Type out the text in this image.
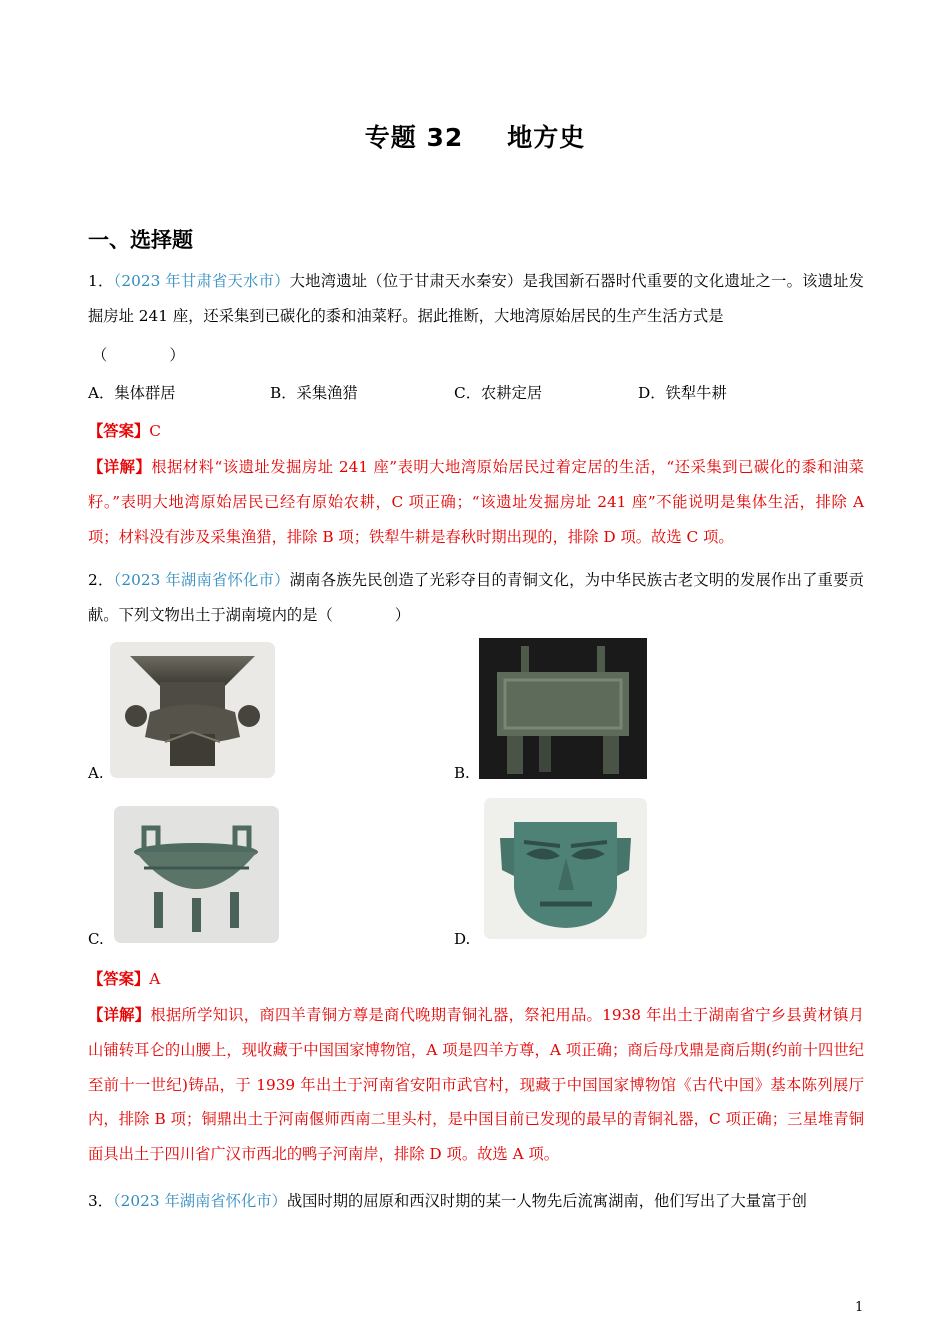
专题 32 地方史
一、选择题
1．（2023 年甘肃省天水市）大地湾遗址（位于甘肃天水秦安）是我国新石器时代重要的文化遗址之一。该遗址发掘房址 241 座，还采集到已碳化的黍和油菜籽。据此推断，大地湾原始居民的生产生活方式是
（	）
A．集体群居	B．采集渔猎	C．农耕定居	D．铁犁牛耕
【答案】C
【详解】根据材料“该遗址发掘房址 241 座”表明大地湾原始居民过着定居的生活，“还采集到已碳化的黍和油菜籽。”表明大地湾原始居民已经有原始农耕，C 项正确；“该遗址发掘房址 241 座”不能说明是集体生活，排除 A 项；材料没有涉及采集渔猎，排除 B 项；铁犁牛耕是春秋时期出现的，排除 D 项。故选 C 项。
2．（2023 年湖南省怀化市）湖南各族先民创造了光彩夺目的青铜文化，为中华民族古老文明的发展作出了重要贡献。下列文物出土于湖南境内的是（	）
A.	B.
C.	D.
【答案】A
【详解】根据所学知识，商四羊青铜方尊是商代晚期青铜礼器，祭祀用品。1938 年出土于湖南省宁乡县黄材镇月山铺转耳仑的山腰上，现收藏于中国国家博物馆，A 项是四羊方尊，A 项正确；商后母戊鼎是商后期(约前十四世纪至前十一世纪)铸品，于 1939 年出土于河南省安阳市武官村，现藏于中国国家博物馆《古代中国》基本陈列展厅内，排除 B 项；铜鼎出土于河南偃师西南二里头村，是中国目前已发现的最早的青铜礼器，C 项正确；三星堆青铜面具出土于四川省广汉市西北的鸭子河南岸，排除 D 项。故选 A 项。
3．（2023 年湖南省怀化市）战国时期的屈原和西汉时期的某一人物先后流寓湖南，他们写出了大量富于创
1
